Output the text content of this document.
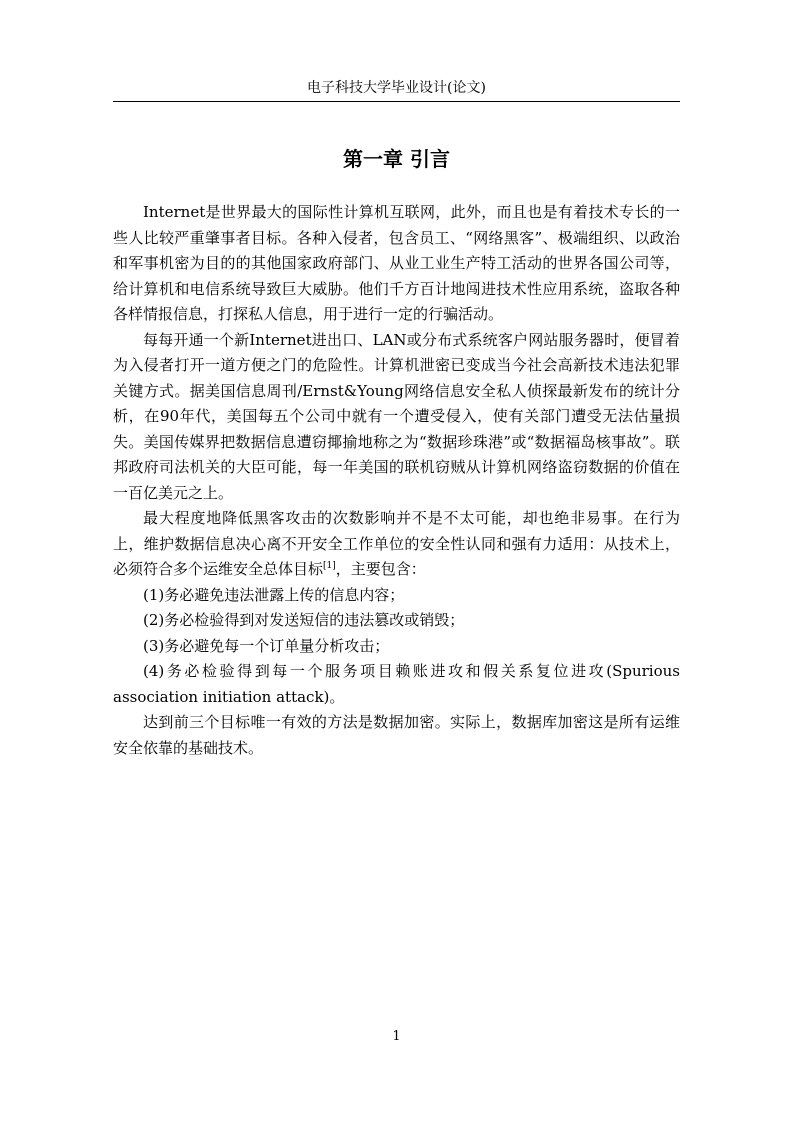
电子科技大学毕业设计(论文)
第一章 引言

Internet是世界最大的国际性计算机互联网，此外，而且也是有着技术专长的一些人比较严重肇事者目标。各种入侵者，包含员工、“网络黑客”、极端组织、以政治和军事机密为目的的其他国家政府部门、从业工业生产特工活动的世界各国公司等，给计算机和电信系统导致巨大威胁。他们千方百计地闯进技术性应用系统，盗取各种各样情报信息，打探私人信息，用于进行一定的行骗活动。

每每开通一个新Internet进出口、LAN或分布式系统客户网站服务器时，便冒着为入侵者打开一道方便之门的危险性。计算机泄密已变成当今社会高新技术违法犯罪关键方式。据美国信息周刊/Ernst&Young网络信息安全私人侦探最新发布的统计分析，在90年代，美国每五个公司中就有一个遭受侵入，使有关部门遭受无法估量损失。美国传媒界把数据信息遭窃揶揄地称之为“数据珍珠港”或“数据福岛核事故”。联邦政府司法机关的大臣可能，每一年美国的联机窃贼从计算机网络盗窃数据的价值在一百亿美元之上。

最大程度地降低黑客攻击的次数影响并不是不太可能，却也绝非易事。在行为上，维护数据信息决心离不开安全工作单位的安全性认同和强有力适用：从技术上，必须符合多个运维安全总体目标[1]，主要包含：

(1)务必避免违法泄露上传的信息内容；

(2)务必检验得到对发送短信的违法篡改或销毁；

(3)务必避免每一个订单量分析攻击；

(4)务必检验得到每一个服务项目赖账进攻和假关系复位进攻(Spurious association initiation attack)。

达到前三个目标唯一有效的方法是数据加密。实际上，数据库加密这是所有运维安全依靠的基础技术。

1
